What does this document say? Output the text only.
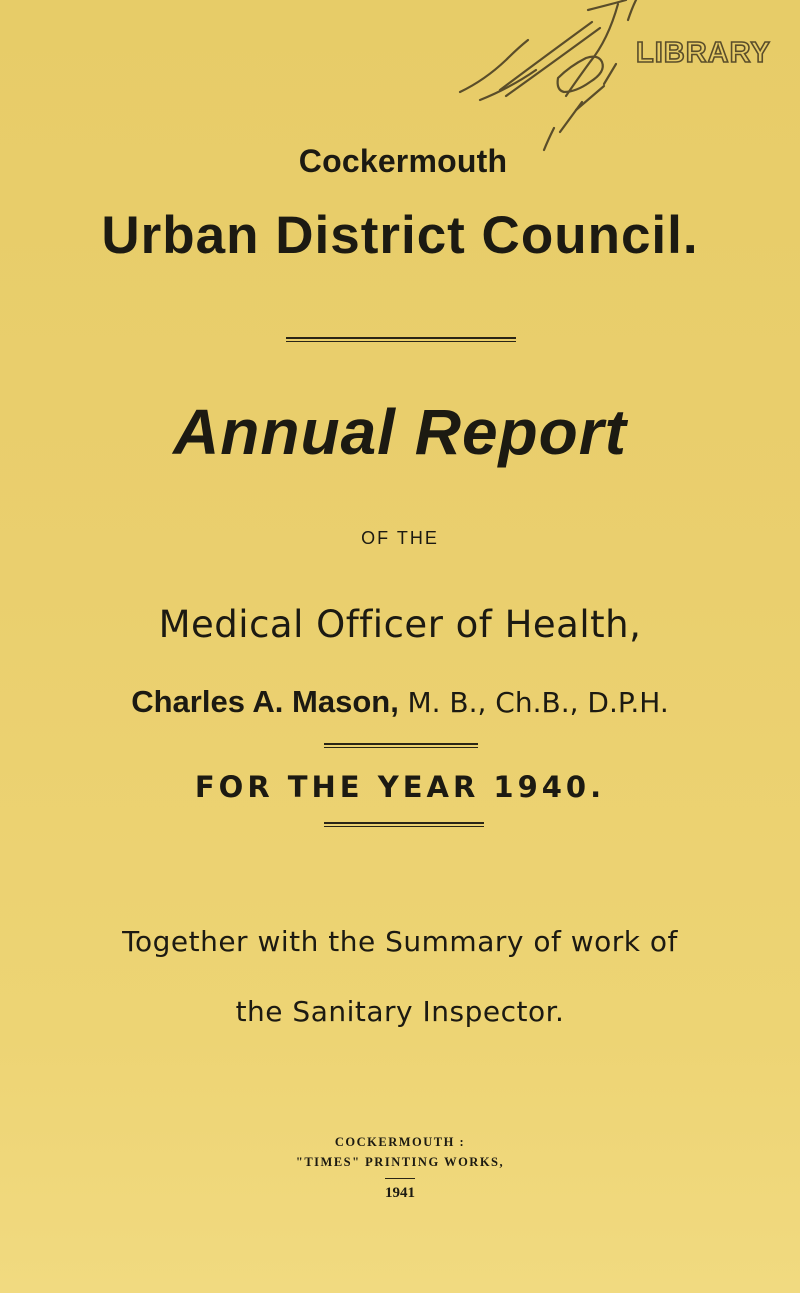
LIBRARY
Cockermouth
Urban District Council.
Annual Report
OF THE
Medical Officer of Health,
Charles A. Mason, M. B., Ch.B., D.P.H.
FOR THE YEAR 1940.
Together with the Summary of work of
the Sanitary Inspector.
COCKERMOUTH :
"TIMES" PRINTING WORKS,
1941
